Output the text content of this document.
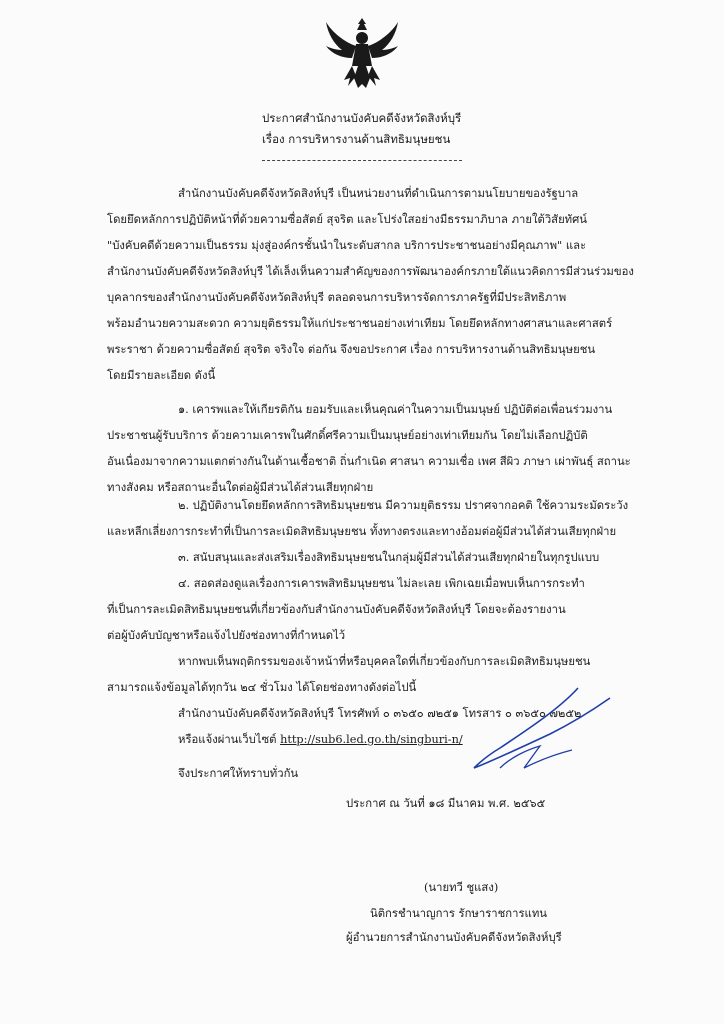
ประกาศสำนักงานบังคับคดีจังหวัดสิงห์บุรี
เรื่อง การบริหารงานด้านสิทธิมนุษยชน
สำนักงานบังคับคดีจังหวัดสิงห์บุรี เป็นหน่วยงานที่ดำเนินการตามนโยบายของรัฐบาล
โดยยึดหลักการปฏิบัติหน้าที่ด้วยความซื่อสัตย์ สุจริต และโปร่งใสอย่างมีธรรมาภิบาล ภายใต้วิสัยทัศน์
"บังคับคดีด้วยความเป็นธรรม มุ่งสู่องค์กรชั้นนำในระดับสากล บริการประชาชนอย่างมีคุณภาพ" และ
สำนักงานบังคับคดีจังหวัดสิงห์บุรี ได้เล็งเห็นความสำคัญของการพัฒนาองค์กรภายใต้แนวคิดการมีส่วนร่วมของ
บุคลากรของสำนักงานบังคับคดีจังหวัดสิงห์บุรี ตลอดจนการบริหารจัดการภาครัฐที่มีประสิทธิภาพ
พร้อมอำนวยความสะดวก ความยุติธรรมให้แก่ประชาชนอย่างเท่าเทียม โดยยึดหลักทางศาสนาและศาสตร์
พระราชา ด้วยความซื่อสัตย์ สุจริต จริงใจ ต่อกัน จึงขอประกาศ เรื่อง การบริหารงานด้านสิทธิมนุษยชน
โดยมีรายละเอียด ดังนี้
๑. เคารพและให้เกียรติกัน ยอมรับและเห็นคุณค่าในความเป็นมนุษย์ ปฏิบัติต่อเพื่อนร่วมงาน
ประชาชนผู้รับบริการ ด้วยความเคารพในศักดิ์ศรีความเป็นมนุษย์อย่างเท่าเทียมกัน โดยไม่เลือกปฏิบัติ
อันเนื่องมาจากความแตกต่างกันในด้านเชื้อชาติ ถิ่นกำเนิด ศาสนา ความเชื่อ เพศ สีผิว ภาษา เผ่าพันธุ์ สถานะ
ทางสังคม หรือสถานะอื่นใดต่อผู้มีส่วนได้ส่วนเสียทุกฝ่าย
๒. ปฏิบัติงานโดยยึดหลักการสิทธิมนุษยชน มีความยุติธรรม ปราศจากอคติ ใช้ความระมัดระวัง
และหลีกเลี่ยงการกระทำที่เป็นการละเมิดสิทธิมนุษยชน ทั้งทางตรงและทางอ้อมต่อผู้มีส่วนได้ส่วนเสียทุกฝ่าย
๓. สนับสนุนและส่งเสริมเรื่องสิทธิมนุษยชนในกลุ่มผู้มีส่วนได้ส่วนเสียทุกฝ่ายในทุกรูปแบบ
๔. สอดส่องดูแลเรื่องการเคารพสิทธิมนุษยชน ไม่ละเลย เพิกเฉยเมื่อพบเห็นการกระทำ
ที่เป็นการละเมิดสิทธิมนุษยชนที่เกี่ยวข้องกับสำนักงานบังคับคดีจังหวัดสิงห์บุรี โดยจะต้องรายงาน
ต่อผู้บังคับบัญชาหรือแจ้งไปยังช่องทางที่กำหนดไว้
หากพบเห็นพฤติกรรมของเจ้าหน้าที่หรือบุคคลใดที่เกี่ยวข้องกับการละเมิดสิทธิมนุษยชน
สามารถแจ้งข้อมูลได้ทุกวัน ๒๔ ชั่วโมง ได้โดยช่องทางดังต่อไปนี้
สำนักงานบังคับคดีจังหวัดสิงห์บุรี โทรศัพท์ ๐ ๓๖๕๐ ๗๒๕๑ โทรสาร ๐ ๓๖๕๐ ๗๒๕๒
หรือแจ้งผ่านเว็บไซต์ http://sub6.led.go.th/singburi-n/
จึงประกาศให้ทราบทั่วกัน
ประกาศ ณ วันที่ ๑๘ มีนาคม พ.ศ. ๒๕๖๕
(นายทวี ชูแสง)
นิติกรชำนาญการ รักษาราชการแทน
ผู้อำนวยการสำนักงานบังคับคดีจังหวัดสิงห์บุรี
